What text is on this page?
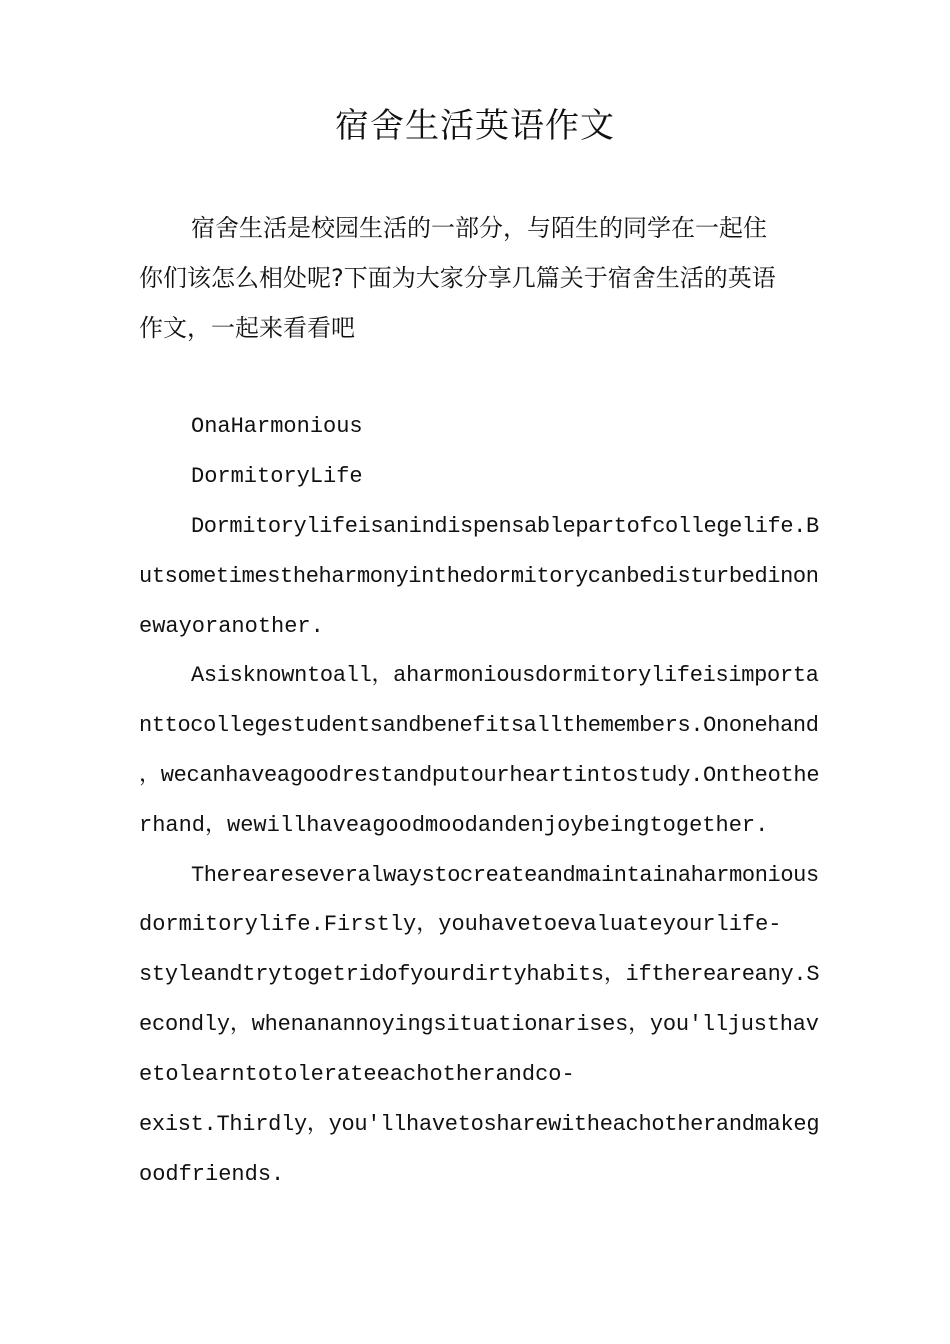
宿舍生活英语作文
宿舍生活是校园生活的一部分，与陌生的同学在一起住
你们该怎么相处呢?下面为大家分享几篇关于宿舍生活的英语
作文，一起来看看吧
OnaHarmonious
DormitoryLife
Dormitorylifeisanindispensablepartofcollegelife.B
utsometimestheharmonyinthedormitorycanbedisturbedinon
ewayoranother.
Asisknowntoall，aharmoniousdormitorylifeisimporta
nttocollegestudentsandbenefitsallthemembers.Ononehand
，wecanhaveagoodrestandputourheartintostudy.Ontheothe
rhand，wewillhaveagoodmoodandenjoybeingtogether.
Thereareseveralwaystocreateandmaintainaharmonious
dormitorylife.Firstly，youhavetoevaluateyourlife-
styleandtrytogetridofyourdirtyhabits，ifthereareany.S
econdly，whenanannoyingsituationarises，you'lljusthav
etolearntotolerateeachotherandco-
exist.Thirdly，you'llhavetosharewitheachotherandmakeg
oodfriends.
